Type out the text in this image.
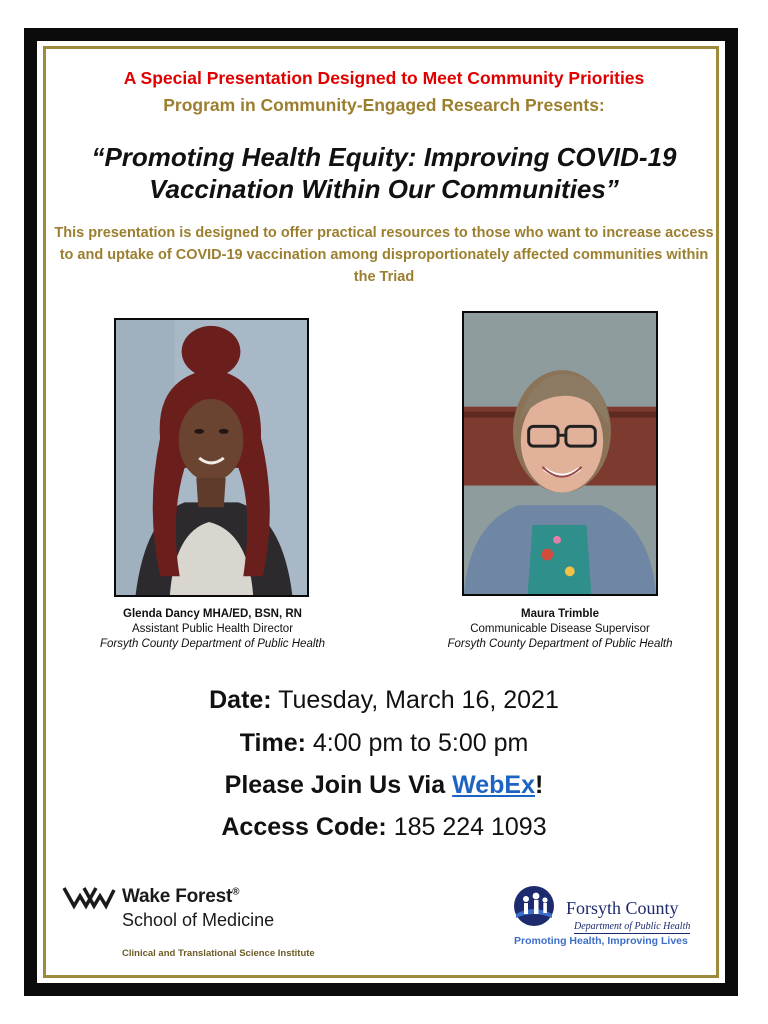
A Special Presentation Designed to Meet Community Priorities
Program in Community-Engaged Research Presents:
“Promoting Health Equity: Improving COVID-19
Vaccination Within Our Communities”
This presentation is designed to offer practical resources to those who want to increase access to and uptake of COVID-19 vaccination among disproportionately affected communities within the Triad
Glenda Dancy MHA/ED, BSN, RN
Assistant Public Health Director
Forsyth County Department of Public Health
Maura Trimble
Communicable Disease Supervisor
Forsyth County Department of Public Health
Date: Tuesday, March 16, 2021
Time: 4:00 pm to 5:00 pm
Please Join Us Via WebEx!
Access Code: 185 224 1093
Wake Forest®
School of Medicine
Clinical and Translational Science Institute
Forsyth County
Department of Public Health
Promoting Health, Improving Lives
